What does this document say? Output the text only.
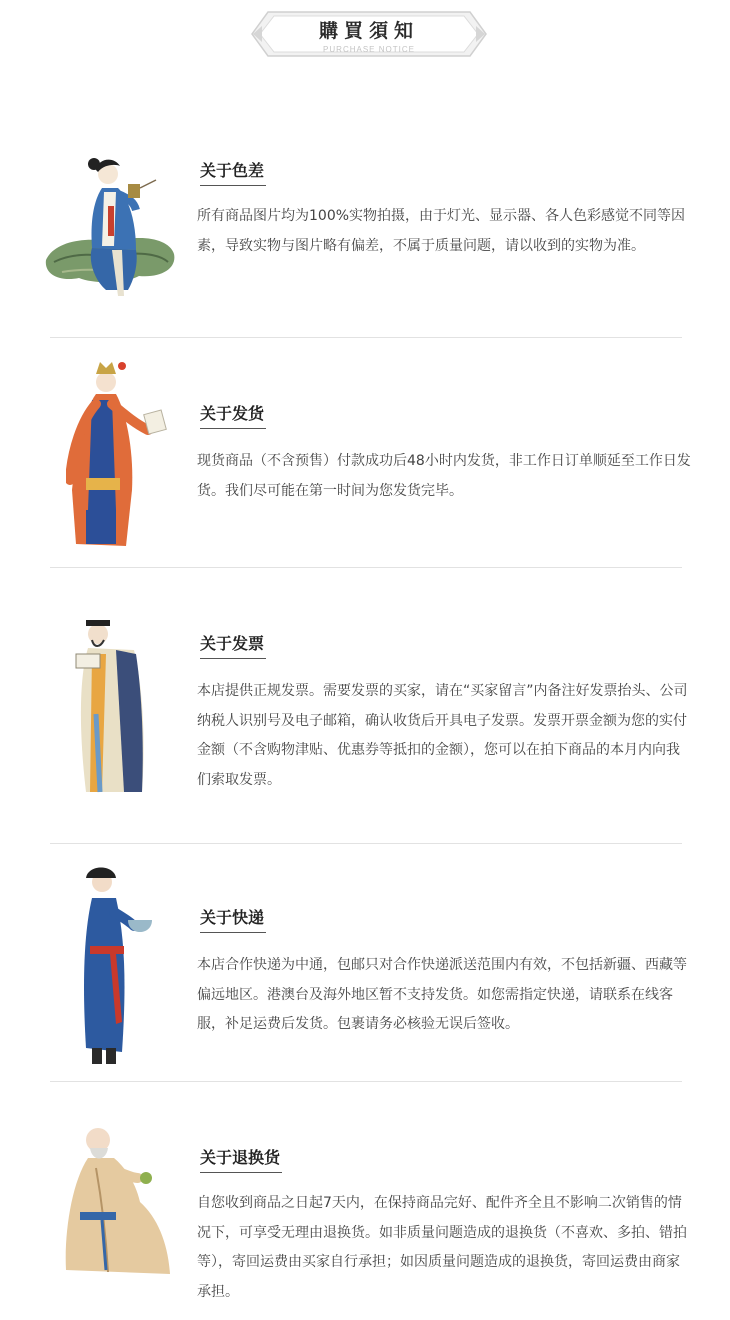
購買須知
PURCHASE NOTICE
关于色差
所有商品图片均为100%实物拍摄，由于灯光、显示器、各人色彩感觉不同等因素，导致实物与图片略有偏差，不属于质量问题，请以收到的实物为准。
关于发货
现货商品（不含预售）付款成功后48小时内发货，非工作日订单顺延至工作日发货。我们尽可能在第一时间为您发货完毕。
关于发票
本店提供正规发票。需要发票的买家，请在“买家留言”内备注好发票抬头、公司纳税人识别号及电子邮箱，确认收货后开具电子发票。发票开票金额为您的实付金额（不含购物津贴、优惠券等抵扣的金额），您可以在拍下商品的本月内向我们索取发票。
关于快递
本店合作快递为中通，包邮只对合作快递派送范围内有效，不包括新疆、西藏等偏远地区。港澳台及海外地区暂不支持发货。如您需指定快递，请联系在线客服，补足运费后发货。包裹请务必核验无误后签收。
关于退换货
自您收到商品之日起7天内，在保持商品完好、配件齐全且不影响二次销售的情况下，可享受无理由退换货。如非质量问题造成的退换货（不喜欢、多拍、错拍等），寄回运费由买家自行承担；如因质量问题造成的退换货，寄回运费由商家承担。
